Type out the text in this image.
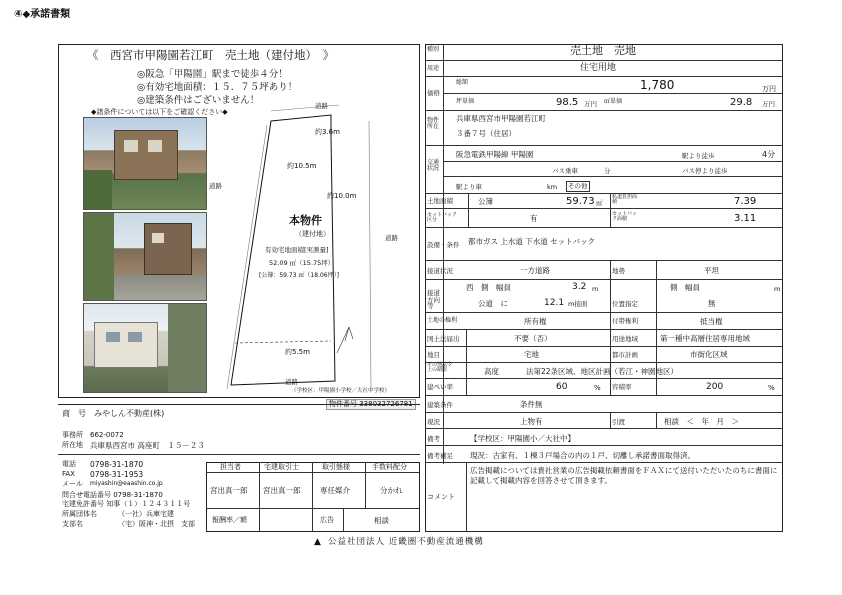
④◆承諾書類
《　西宮市甲陽園若江町　売土地（建付地）　》
◎阪急「甲陽園」駅まで徒歩４分！
◎有効宅地面積：１５．７５坪あり！
◎建築条件はございません！
◆諸条件については以下をご確認ください◆
道路
道路
道路
道路
約3.6m
約10.5m
約10.0m
約5.5m
本物件
（建付地）
有効宅地面積[実測量]
52.09 ㎡（15.75坪）
[公簿：59.73 ㎡（18.06坪）]
（学校区：甲陽園小学校／大社中学校）
物件番号 338032726781
商　号　みやしん不動産(株)
事務所 662-0072
所在地 兵庫県西宮市 高座町　１５－２３
電話 0798-31-1870
FAX 0798-31-1953
メール miyashin@eaashin.co.jp
問合せ電話番号 0798-31-1870
宅建免許番号 知事（１）１２４３１１号
所属団体名	（一社）兵庫宅建
支部名	（宅）阪神・北摂　支部
担当者	宅建取引士	取引態様	手数料配分
宮出真一郎 宮出真一郎	専任媒介	分かれ
報酬率／額	広告	相談
種別	売土地　売地
用途	住宅用地
価格
総額	1,780	万円
坪単価	98.5 万円 ㎡単価	29.8 万円
物件所在
兵庫県西宮市甲陽園若江町
３番７号（住居）
交通状況
阪急電鉄甲陽線 甲陽園	駅より徒歩	4分
バス乗車	分	バス停より徒歩
駅より車	km	その他
土地面積	公簿	59.73 ㎡
私道負担面積	7.39
セットバック区分	有	セットバック面積	3.11
設備・条件 都市ガス 上水道 下水道 セットバック
接道状況	一方道路	地勢	平坦
接道方向等
西　側　幅員	3.2 m	側　幅員	m
公道　に	12.1 m接面	位置指定	無
土地の権利	所有権	付帯権利	抵当権
国土法届出	不要（否）	用途地域	第一種中高層住居専用地域
地目	宅地	都市計画	市街化区域
その他法令上の制限	高度	法第22条区域、地区計画（若江・神園地区）
建ぺい率	60	% 容積率	200	%
建築条件	条件無
現況	上物有	引渡	相談　＜　年　月　＞
備考	【学校区：甲陽園小／大社中】
備考補足 現況：古家有、１棟３戸場合の内の１戸、切離し承諾書面取得済。
コメント
広告掲載については貴社営業の広告掲載依頼書面をＦＡＸにて送付いただいたのちに書面に記載して掲載内容を回答させて頂きます。
▲ 公益社団法人 近畿圏不動産流通機構
